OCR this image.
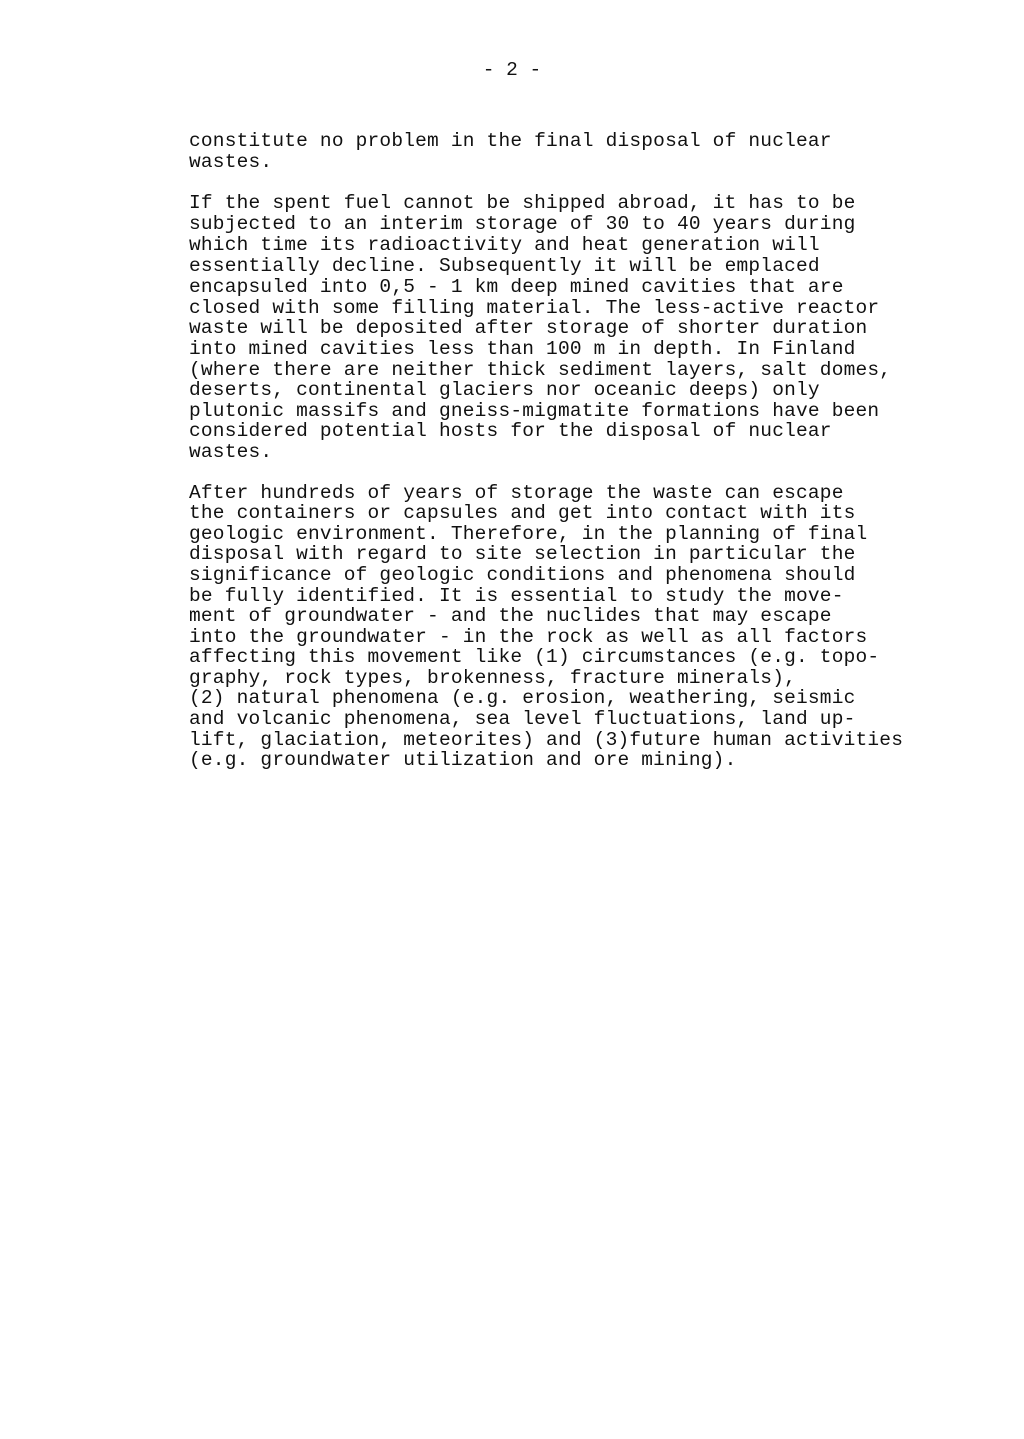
- 2 -

constitute no problem in the final disposal of nuclear

wastes.

If the spent fuel cannot be shipped abroad, it has to be

subjected to an interim storage of 30 to 40 years during

which time its radioactivity and heat generation will

essentially decline. Subsequently it will be emplaced

encapsuled into 0,5 - 1 km deep mined cavities that are

closed with some filling material. The less-active reactor

waste will be deposited after storage of shorter duration

into mined cavities less than 100 m in depth. In Finland

(where there are neither thick sediment layers, salt domes,

deserts, continental glaciers nor oceanic deeps) only

plutonic massifs and gneiss-migmatite formations have been

considered potential hosts for the disposal of nuclear

wastes.

After hundreds of years of storage the waste can escape

the containers or capsules and get into contact with its

geologic environment. Therefore, in the planning of final

disposal with regard to site selection in particular the

significance of geologic conditions and phenomena should

be fully identified. It is essential to study the move-

ment of groundwater - and the nuclides that may escape

into the groundwater - in the rock as well as all factors

affecting this movement like (1) circumstances (e.g. topo-

graphy, rock types, brokenness, fracture minerals),

(2) natural phenomena (e.g. erosion, weathering, seismic

and volcanic phenomena, sea level fluctuations, land up-

lift, glaciation, meteorites) and (3)future human activities

(e.g. groundwater utilization and ore mining).
